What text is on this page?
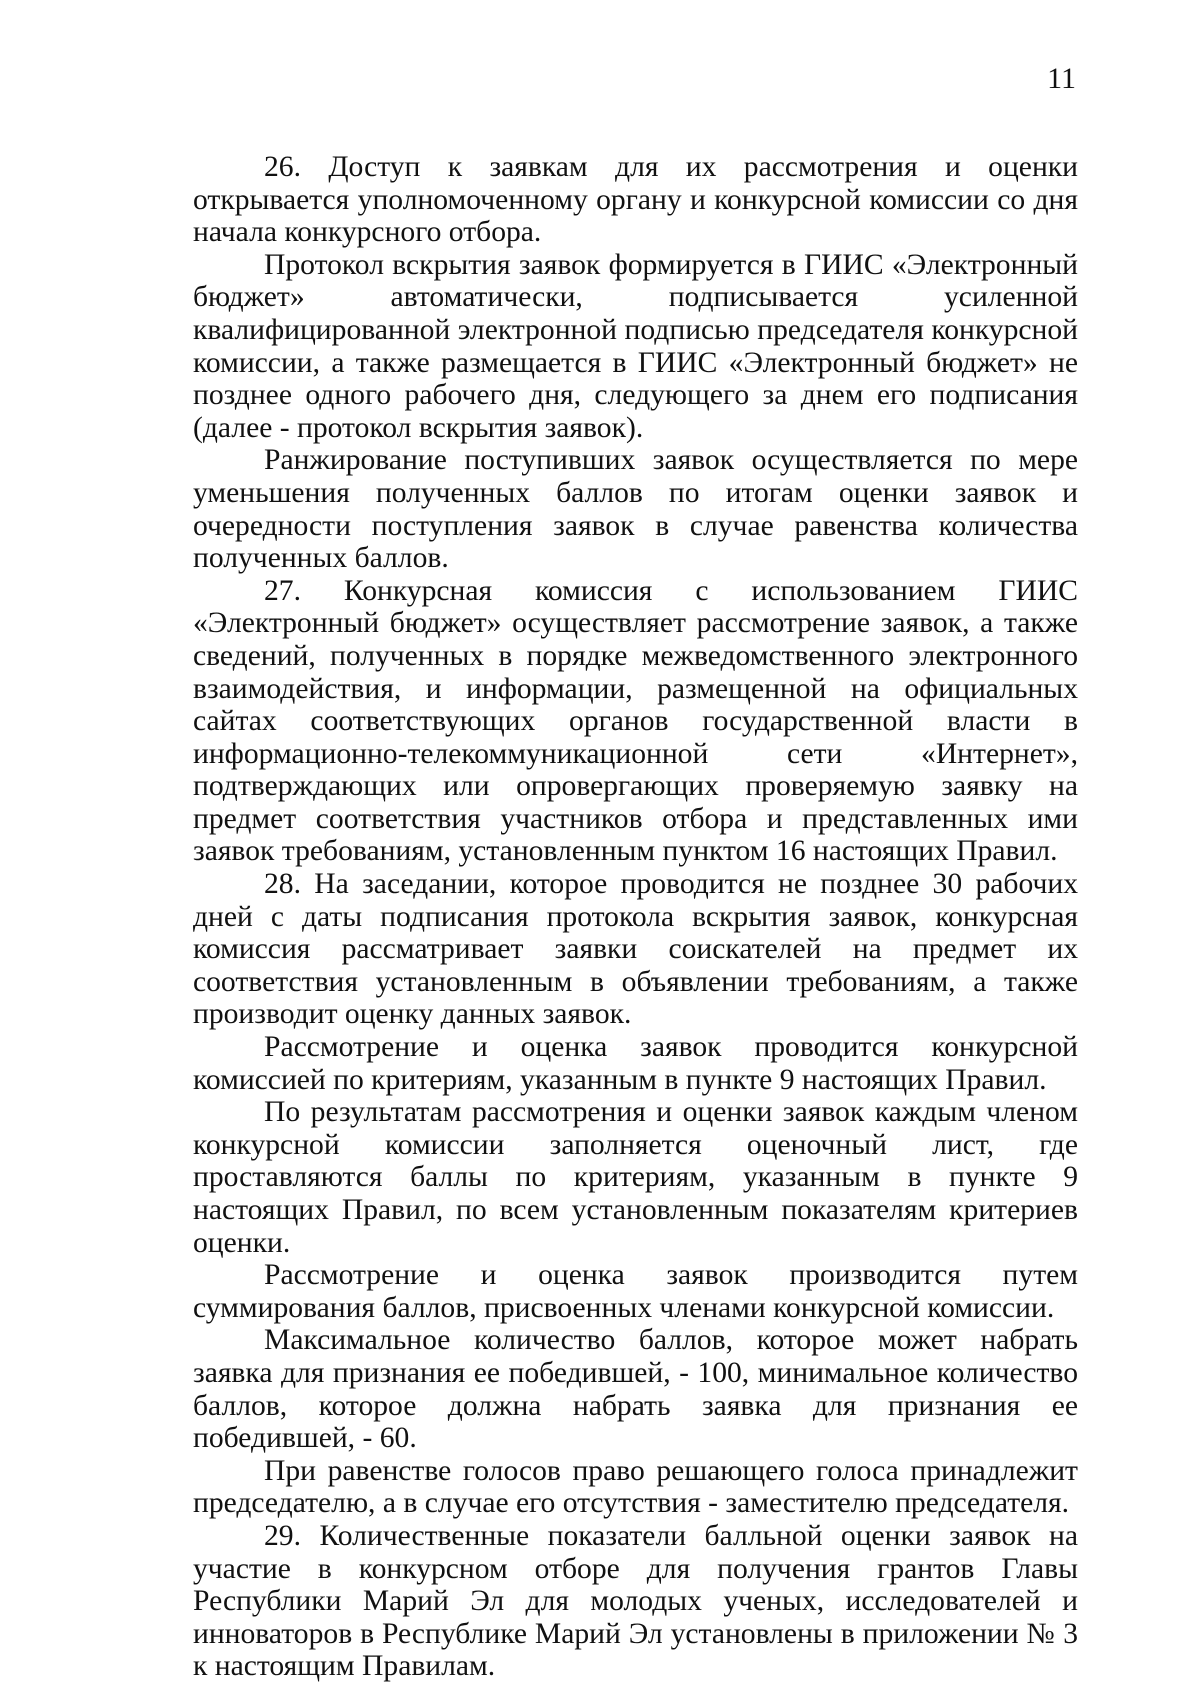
11

26. Доступ к заявкам для их рассмотрения и оценки открывается уполномоченному органу и конкурсной комиссии со дня начала конкурсного отбора.

Протокол вскрытия заявок формируется в ГИИС «Электронный бюджет» автоматически, подписывается усиленной квалифицированной электронной подписью председателя конкурсной комиссии, а также размещается в ГИИС «Электронный бюджет» не позднее одного рабочего дня, следующего за днем его подписания (далее - протокол вскрытия заявок).

Ранжирование поступивших заявок осуществляется по мере уменьшения полученных баллов по итогам оценки заявок и очередности поступления заявок в случае равенства количества полученных баллов.

27. Конкурсная комиссия с использованием ГИИС «Электронный бюджет» осуществляет рассмотрение заявок, а также сведений, полученных в порядке межведомственного электронного взаимодействия, и информации, размещенной на официальных сайтах соответствующих органов государственной власти в информационно-телекоммуникационной сети «Интернет», подтверждающих или опровергающих проверяемую заявку на предмет соответствия участников отбора и представленных ими заявок требованиям, установленным пунктом 16 настоящих Правил.

28. На заседании, которое проводится не позднее 30 рабочих дней с даты подписания протокола вскрытия заявок, конкурсная комиссия рассматривает заявки соискателей на предмет их соответствия установленным в объявлении требованиям, а также производит оценку данных заявок.

Рассмотрение и оценка заявок проводится конкурсной комиссией по критериям, указанным в пункте 9 настоящих Правил.

По результатам рассмотрения и оценки заявок каждым членом конкурсной комиссии заполняется оценочный лист, где проставляются баллы по критериям, указанным в пункте 9 настоящих Правил, по всем установленным показателям критериев оценки.

Рассмотрение и оценка заявок производится путем суммирования баллов, присвоенных членами конкурсной комиссии.

Максимальное количество баллов, которое может набрать заявка для признания ее победившей, - 100, минимальное количество баллов, которое должна набрать заявка для признания ее победившей, - 60.

При равенстве голосов право решающего голоса принадлежит председателю, а в случае его отсутствия - заместителю председателя.

29. Количественные показатели балльной оценки заявок на участие в конкурсном отборе для получения грантов Главы Республики Марий Эл для молодых ученых, исследователей и инноваторов в Республике Марий Эл установлены в приложении № 3 к настоящим Правилам.
